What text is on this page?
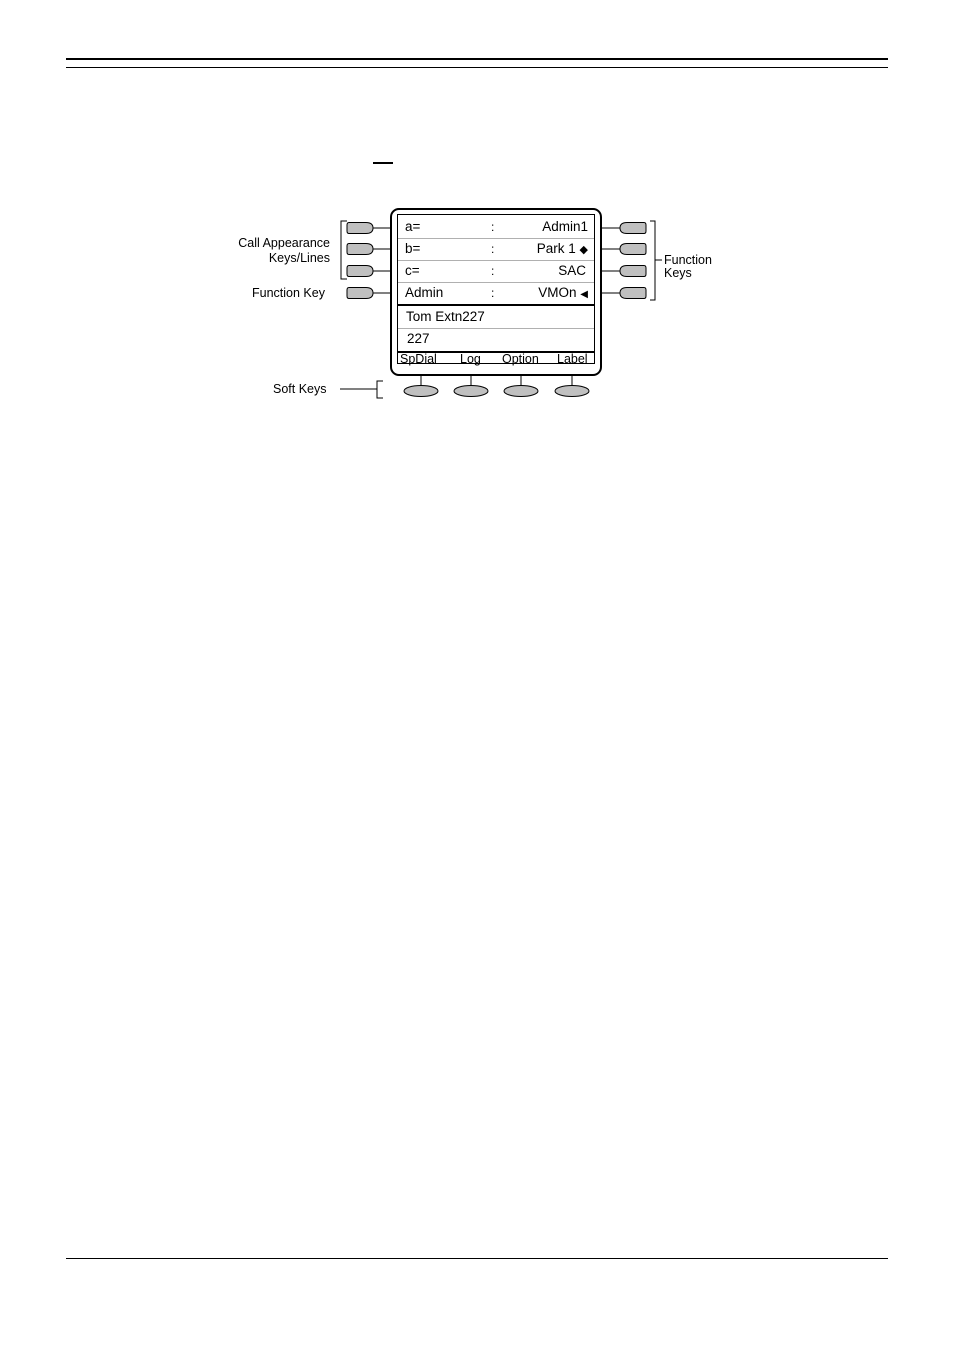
Call Appearance
Keys/Lines
Function Key
Soft Keys
Function
Keys
a=	:	Admin1
b=	:	Park 1 ◆
c=	:	SAC
Admin	:	VMOn ◀
Tom Extn227
227
SpDial Log Option Label
